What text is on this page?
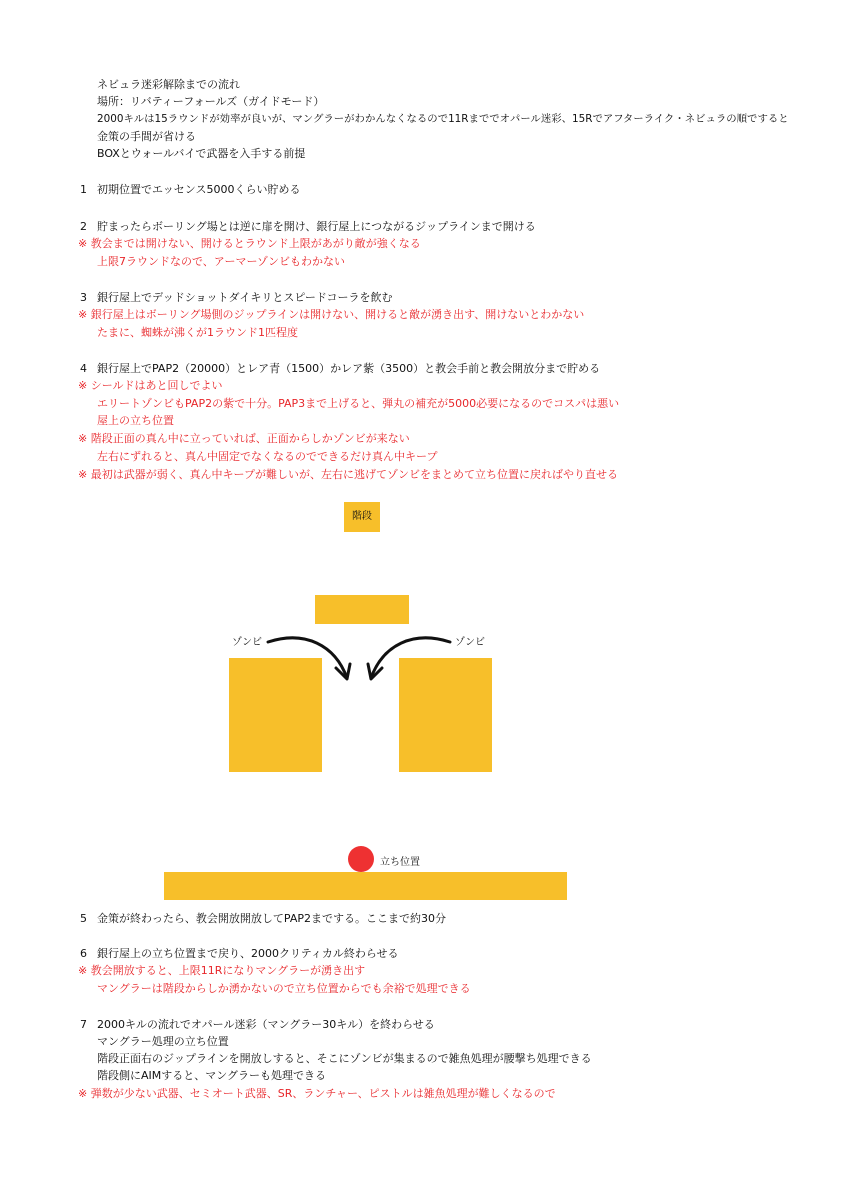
ネビュラ迷彩解除までの流れ
場所：リバティーフォールズ（ガイドモード）
2000キルは15ラウンドが効率が良いが、マングラーがわかんなくなるので11Rまででオパール迷彩、15Rでアフターライク・ネビュラの順ですると
金策の手間が省ける
BOXとウォールバイで武器を入手する前提
1 初期位置でエッセンス5000くらい貯める
2 貯まったらボーリング場とは逆に扉を開け、銀行屋上につながるジップラインまで開ける
※ 教会までは開けない、開けるとラウンド上限があがり敵が強くなる
上限7ラウンドなので、アーマーゾンビもわかない
3 銀行屋上でデッドショットダイキリとスピードコーラを飲む
※ 銀行屋上はボーリング場側のジップラインは開けない、開けると敵が湧き出す、開けないとわかない
たまに、蜘蛛が沸くが1ラウンド1匹程度
4 銀行屋上でPAP2（20000）とレア青（1500）かレア紫（3500）と教会手前と教会開放分まで貯める
※ シールドはあと回しでよい
エリートゾンビもPAP2の紫で十分。PAP3まで上げると、弾丸の補充が5000必要になるのでコスパは悪い
屋上の立ち位置
※ 階段正面の真ん中に立っていれば、正面からしかゾンビが来ない
左右にずれると、真ん中固定でなくなるのでできるだけ真ん中キープ
※ 最初は武器が弱く、真ん中キープが難しいが、左右に逃げてゾンビをまとめて立ち位置に戻ればやり直せる
階段
ゾンビ	ゾンビ
立ち位置
5 金策が終わったら、教会開放開放してPAP2までする。ここまで約30分
6 銀行屋上の立ち位置まで戻り、2000クリティカル終わらせる
※ 教会開放すると、上限11Rになりマングラーが湧き出す
マングラーは階段からしか湧かないので立ち位置からでも余裕で処理できる
7 2000キルの流れでオパール迷彩（マングラー30キル）を終わらせる
マングラー処理の立ち位置
階段正面右のジップラインを開放しすると、そこにゾンビが集まるので雑魚処理が腰撃ち処理できる
階段側にAIMすると、マングラーも処理できる
※ 弾数が少ない武器、セミオート武器、SR、ランチャー、ピストルは雑魚処理が難しくなるので
